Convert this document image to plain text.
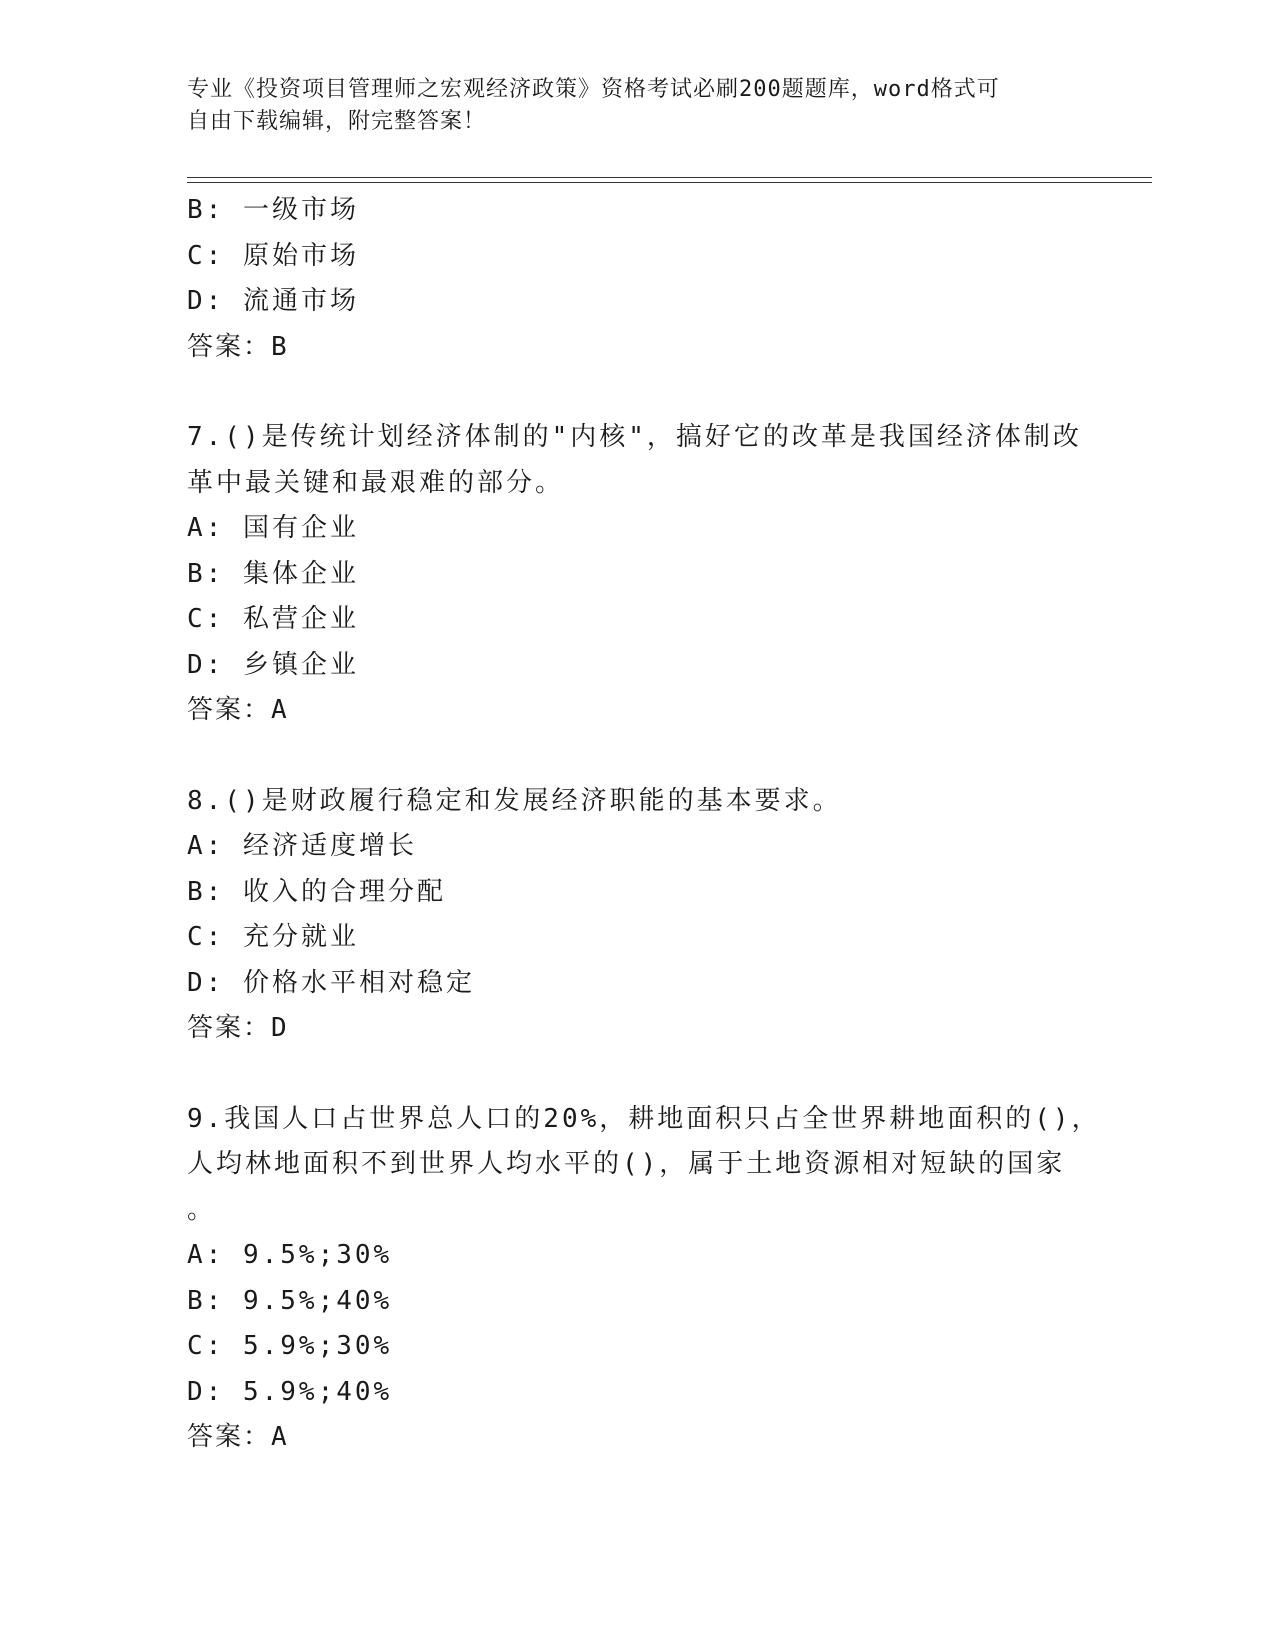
专业《投资项目管理师之宏观经济政策》资格考试必刷200题题库，word格式可
自由下载编辑，附完整答案！
B: 一级市场
C: 原始市场
D: 流通市场
答案：B
7.()是传统计划经济体制的"内核"，搞好它的改革是我国经济体制改
革中最关键和最艰难的部分。
A: 国有企业
B: 集体企业
C: 私营企业
D: 乡镇企业
答案：A
8.()是财政履行稳定和发展经济职能的基本要求。
A: 经济适度增长
B: 收入的合理分配
C: 充分就业
D: 价格水平相对稳定
答案：D
9.我国人口占世界总人口的20%，耕地面积只占全世界耕地面积的()，
人均林地面积不到世界人均水平的()，属于土地资源相对短缺的国家
。
A: 9.5%;30%
B: 9.5%;40%
C: 5.9%;30%
D: 5.9%;40%
答案：A
